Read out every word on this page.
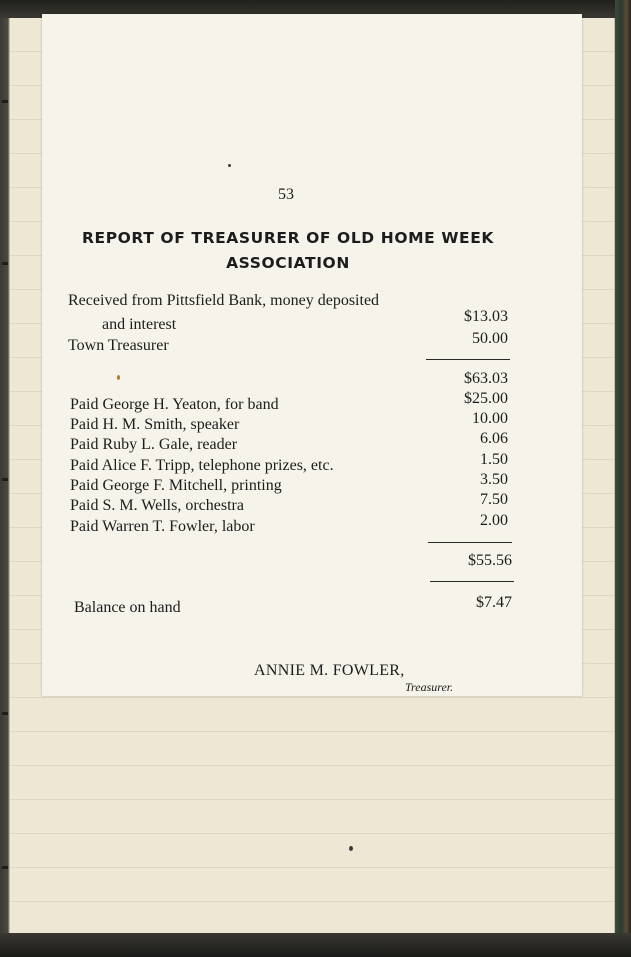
53
REPORT OF TREASURER OF OLD HOME WEEK
ASSOCIATION
Received from Pittsfield Bank, money deposited
and interest	$13.03
Town Treasurer	50.00
$63.03
Paid George H. Yeaton, for band	$25.00
Paid H. M. Smith, speaker	10.00
Paid Ruby L. Gale, reader	6.06
Paid Alice F. Tripp, telephone prizes, etc.	1.50
Paid George F. Mitchell, printing	3.50
Paid S. M. Wells, orchestra	7.50
Paid Warren T. Fowler, labor	2.00
$55.56
Balance on hand	$7.47
ANNIE M. FOWLER,
Treasurer.
